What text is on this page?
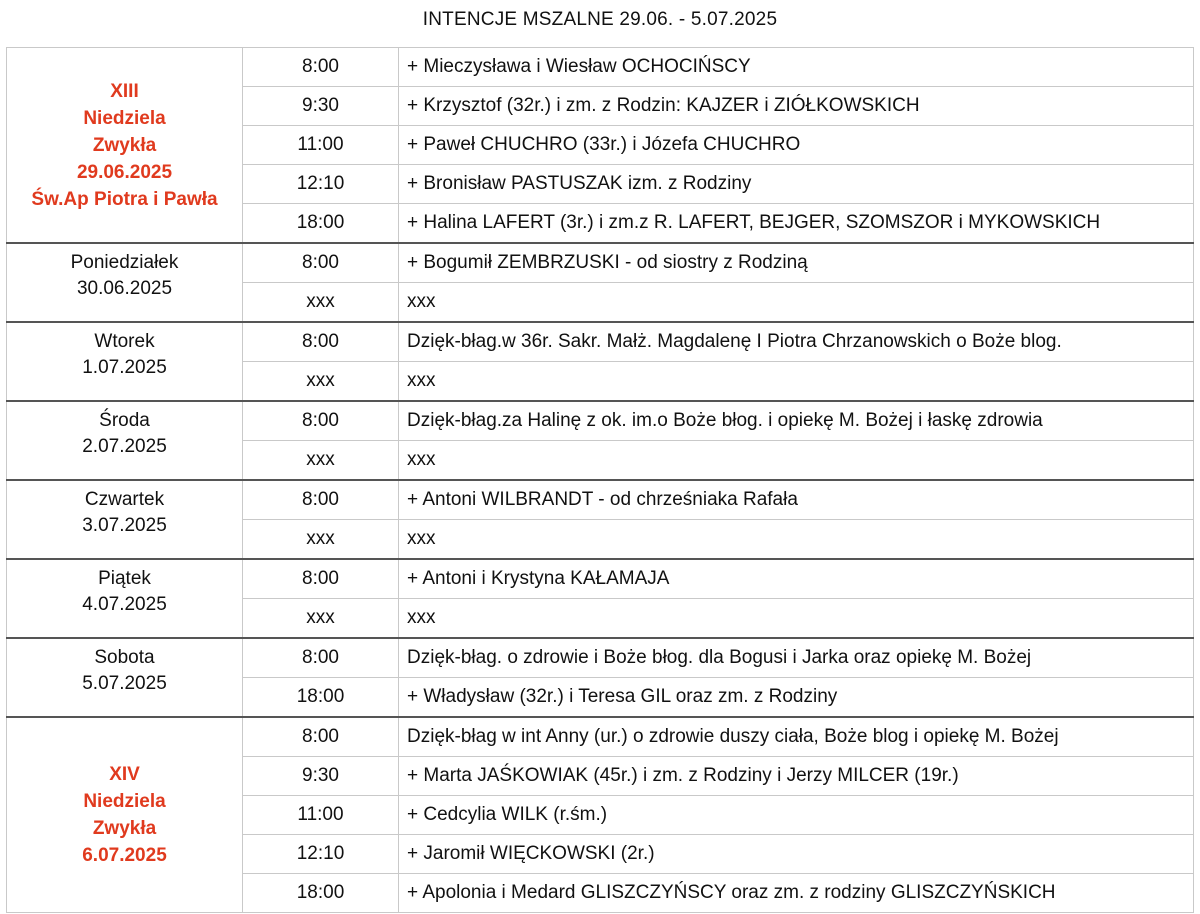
INTENCJE MSZALNE 29.06. - 5.07.2025
XIII
Niedziela
Zwykła
29.06.2025
Św.Ap Piotra i Pawła	8:00	+ Mieczysława i Wiesław OCHOCIŃSCY
	9:30	+ Krzysztof (32r.) i zm. z Rodzin: KAJZER i ZIÓŁKOWSKICH
	11:00	+ Paweł CHUCHRO (33r.) i Józefa CHUCHRO
	12:10	+ Bronisław PASTUSZAK izm. z Rodziny
	18:00	+ Halina LAFERT (3r.) i zm.z R. LAFERT, BEJGER, SZOMSZOR i MYKOWSKICH

Poniedziałek
30.06.2025	8:00	+ Bogumił ZEMBRZUSKI - od siostry z Rodziną
	xxx	xxx

Wtorek
1.07.2025	8:00	Dzięk-błag.w 36r. Sakr. Małż. Magdalenę I Piotra Chrzanowskich o Boże blog.
	xxx	xxx

Środa
2.07.2025	8:00	Dzięk-błag.za Halinę z ok. im.o Boże błog. i opiekę M. Bożej i łaskę zdrowia
	xxx	xxx

Czwartek
3.07.2025	8:00	+ Antoni WILBRANDT - od chrześniaka Rafała
	xxx	xxx

Piątek
4.07.2025	8:00	+ Antoni i Krystyna KAŁAMAJA
	xxx	xxx

Sobota
5.07.2025	8:00	Dzięk-błag. o zdrowie i Boże błog. dla Bogusi i Jarka oraz opiekę M. Bożej
	18:00	+ Władysław (32r.) i Teresa GIL oraz zm. z Rodziny

XIV
Niedziela
Zwykła
6.07.2025	8:00	Dzięk-błag w int Anny (ur.) o zdrowie duszy ciała, Boże blog i opiekę M. Bożej
	9:30	+ Marta JAŚKOWIAK (45r.) i zm. z Rodziny i Jerzy MILCER (19r.)
	11:00	+ Cedcylia WILK (r.śm.)
	12:10	+ Jaromił WIĘCKOWSKI (2r.)
	18:00	+ Apolonia i Medard GLISZCZYŃSCY oraz zm. z rodziny GLISZCZYŃSKICH
